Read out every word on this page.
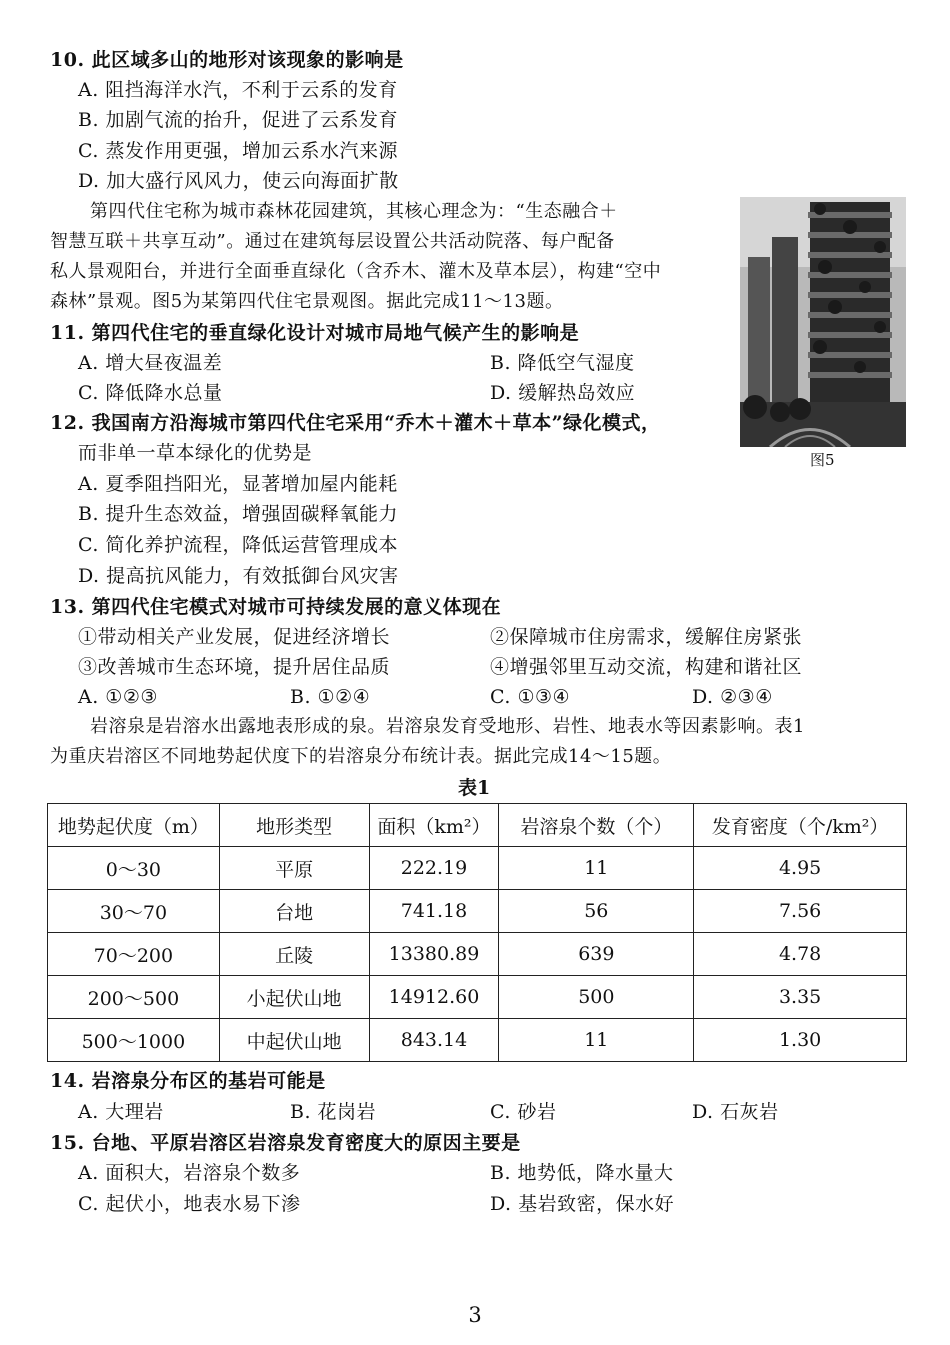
10. 此区域多山的地形对该现象的影响是
A. 阻挡海洋水汽，不利于云系的发育
B. 加剧气流的抬升，促进了云系发育
C. 蒸发作用更强，增加云系水汽来源
D. 加大盛行风风力，使云向海面扩散
第四代住宅称为城市森林花园建筑，其核心理念为：“生态融合＋
智慧互联＋共享互动”。通过在建筑每层设置公共活动院落、每户配备
私人景观阳台，并进行全面垂直绿化（含乔木、灌木及草本层），构建“空中
森林”景观。图5为某第四代住宅景观图。据此完成11～13题。
图5
11. 第四代住宅的垂直绿化设计对城市局地气候产生的影响是
A. 增大昼夜温差	B. 降低空气湿度
C. 降低降水总量	D. 缓解热岛效应
12. 我国南方沿海城市第四代住宅采用“乔木＋灌木＋草本”绿化模式，
而非单一草本绿化的优势是
A. 夏季阻挡阳光，显著增加屋内能耗
B. 提升生态效益，增强固碳释氧能力
C. 简化养护流程，降低运营管理成本
D. 提高抗风能力，有效抵御台风灾害
13. 第四代住宅模式对城市可持续发展的意义体现在
①带动相关产业发展，促进经济增长	②保障城市住房需求，缓解住房紧张
③改善城市生态环境，提升居住品质	④增强邻里互动交流，构建和谐社区
A. ①②③	B. ①②④	C. ①③④	D. ②③④
岩溶泉是岩溶水出露地表形成的泉。岩溶泉发育受地形、岩性、地表水等因素影响。表1
为重庆岩溶区不同地势起伏度下的岩溶泉分布统计表。据此完成14～15题。
表1
地势起伏度（m）	地形类型	面积（km²）	岩溶泉个数（个）	发育密度（个/km²）
0～30	平原	222.19	11	4.95
30～70	台地	741.18	56	7.56
70～200	丘陵	13380.89	639	4.78
200～500	小起伏山地	14912.60	500	3.35
500～1000	中起伏山地	843.14	11	1.30
14. 岩溶泉分布区的基岩可能是
A. 大理岩	B. 花岗岩	C. 砂岩	D. 石灰岩
15. 台地、平原岩溶区岩溶泉发育密度大的原因主要是
A. 面积大，岩溶泉个数多	B. 地势低，降水量大
C. 起伏小，地表水易下渗	D. 基岩致密，保水好
3
